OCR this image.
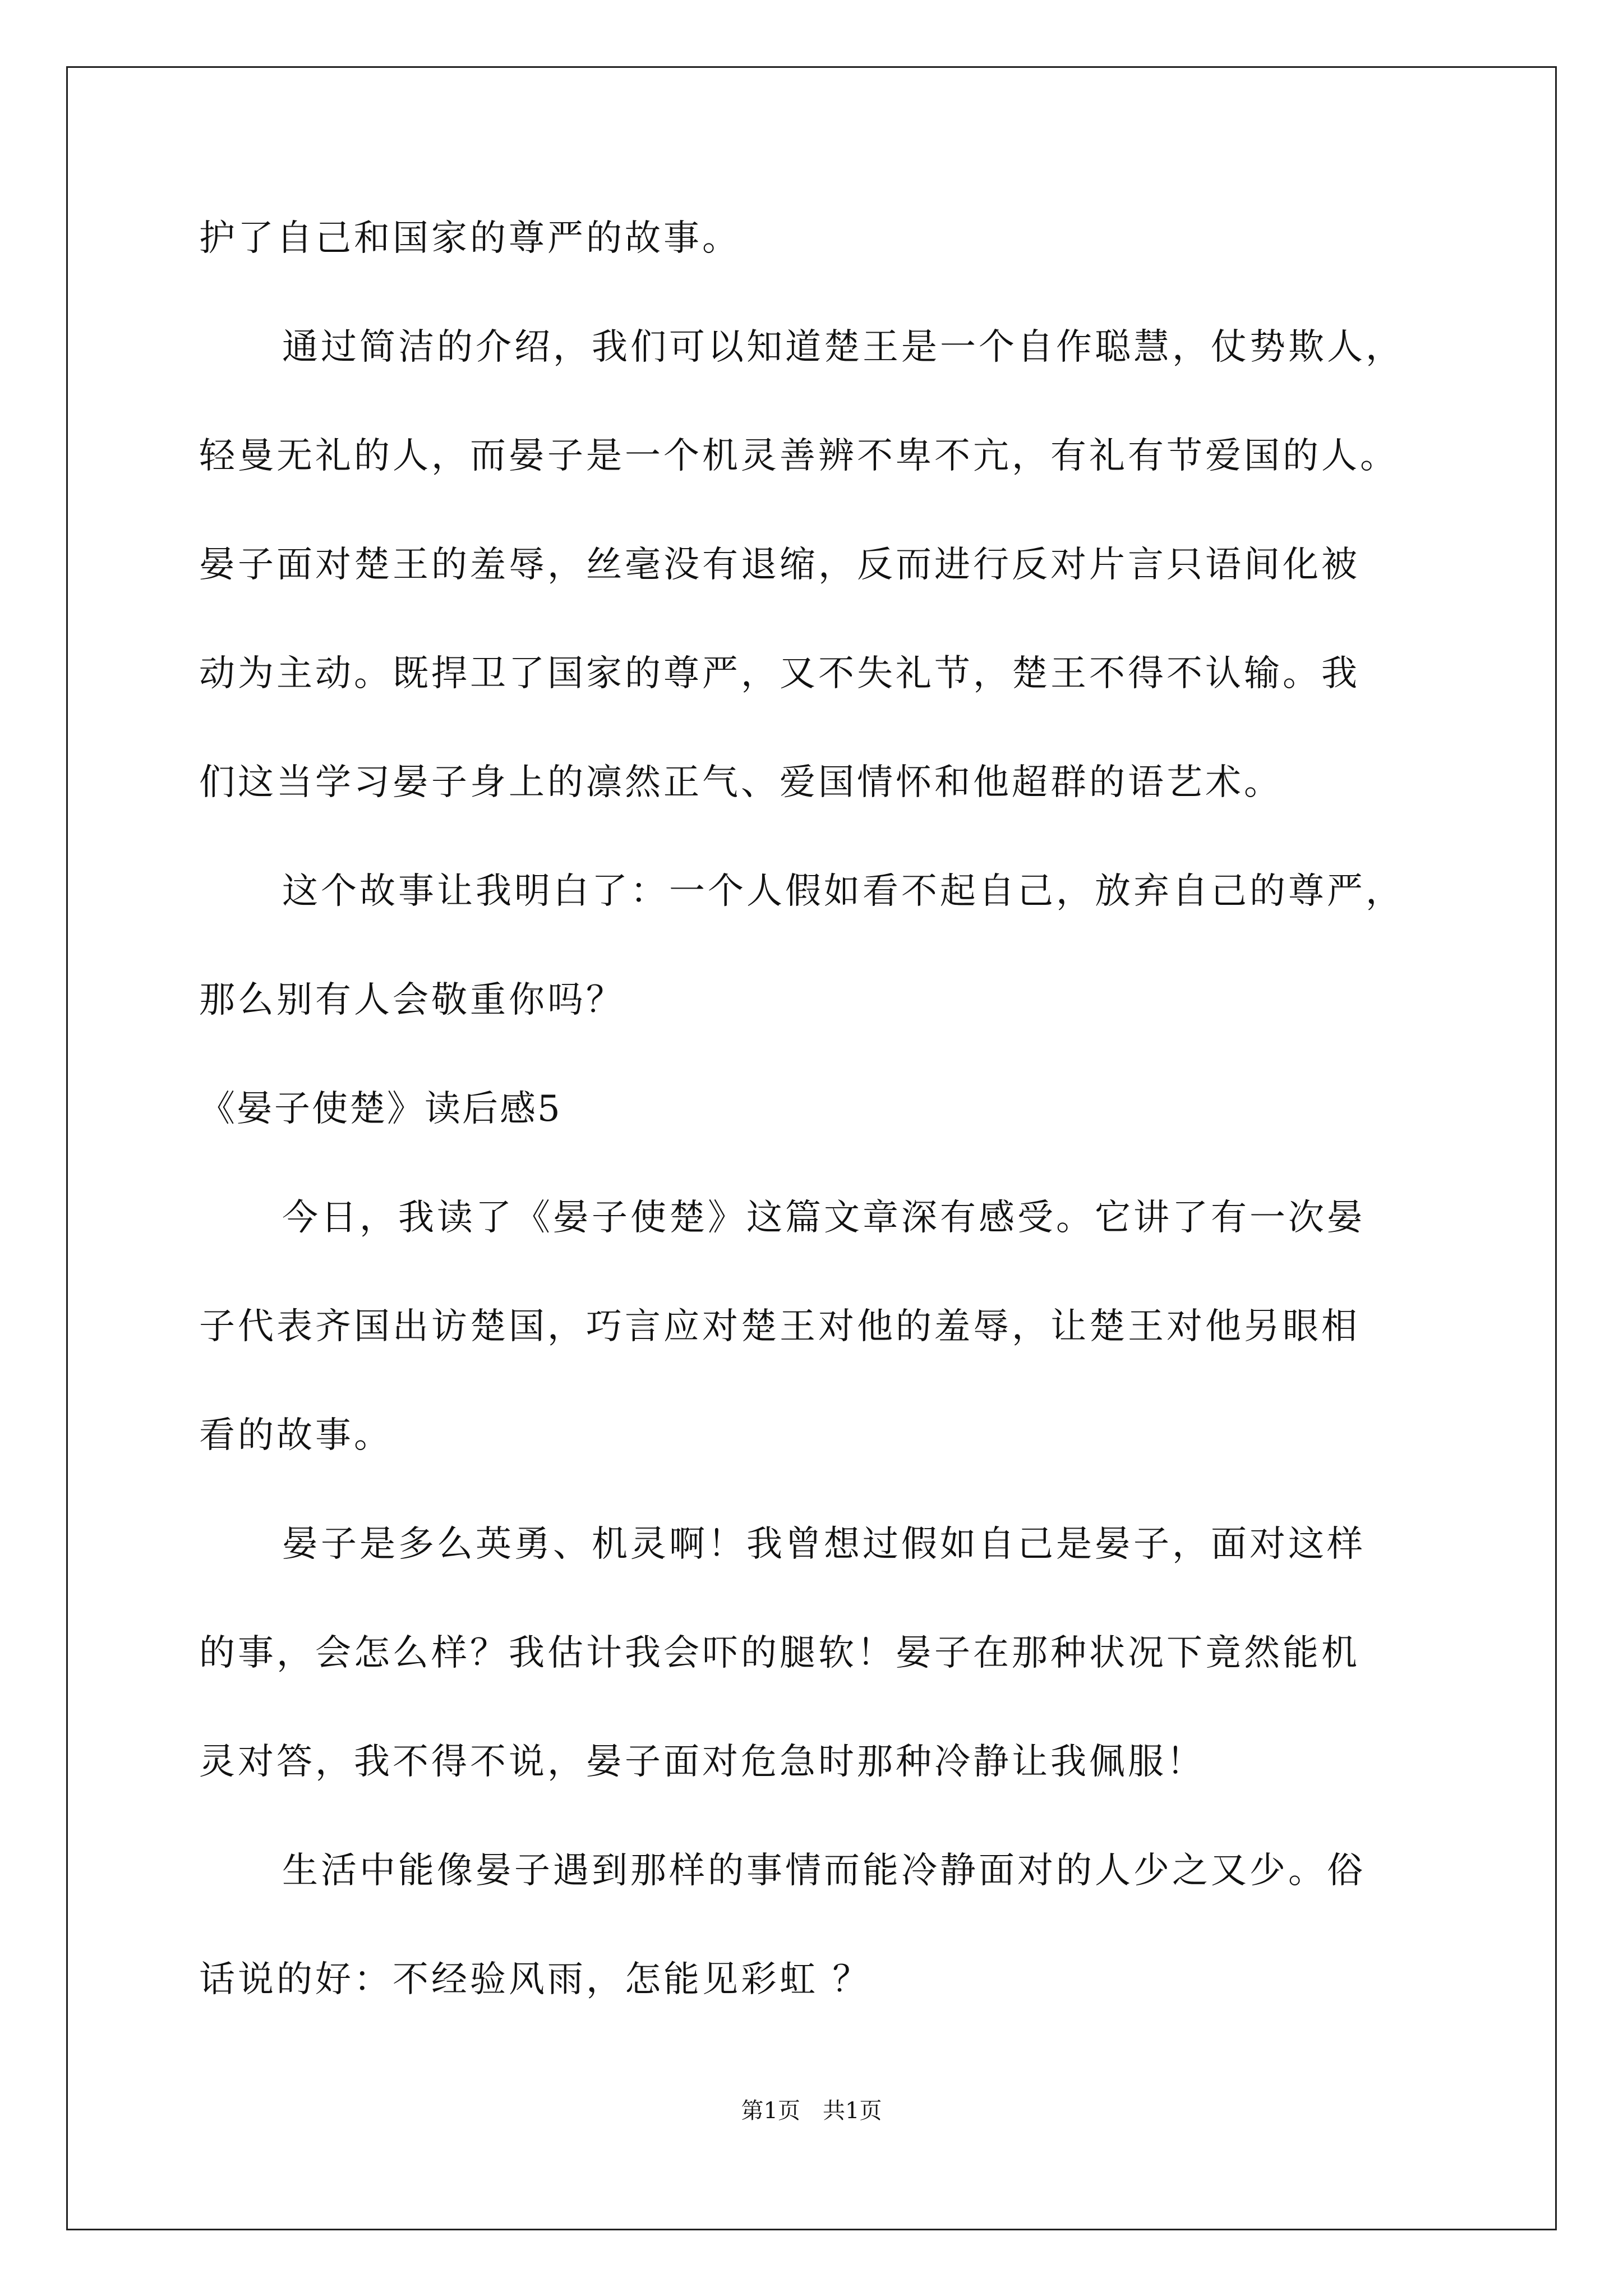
护了自己和国家的尊严的故事。
通过简洁的介绍，我们可以知道楚王是一个自作聪慧，仗势欺人，
轻曼无礼的人，而晏子是一个机灵善辨不卑不亢，有礼有节爱国的人。
晏子面对楚王的羞辱，丝毫没有退缩，反而进行反对片言只语间化被
动为主动。既捍卫了国家的尊严，又不失礼节，楚王不得不认输。我
们这当学习晏子身上的凛然正气、爱国情怀和他超群的语艺术。
这个故事让我明白了：一个人假如看不起自己，放弃自己的尊严，
那么别有人会敬重你吗？
《晏子使楚》读后感5
今日，我读了《晏子使楚》这篇文章深有感受。它讲了有一次晏
子代表齐国出访楚国，巧言应对楚王对他的羞辱，让楚王对他另眼相
看的故事。
晏子是多么英勇、机灵啊！我曾想过假如自己是晏子，面对这样
的事，会怎么样？我估计我会吓的腿软！晏子在那种状况下竟然能机
灵对答，我不得不说，晏子面对危急时那种冷静让我佩服！
生活中能像晏子遇到那样的事情而能冷静面对的人少之又少。俗
话说的好：不经验风雨，怎能见彩虹 ？
第1页　共1页
